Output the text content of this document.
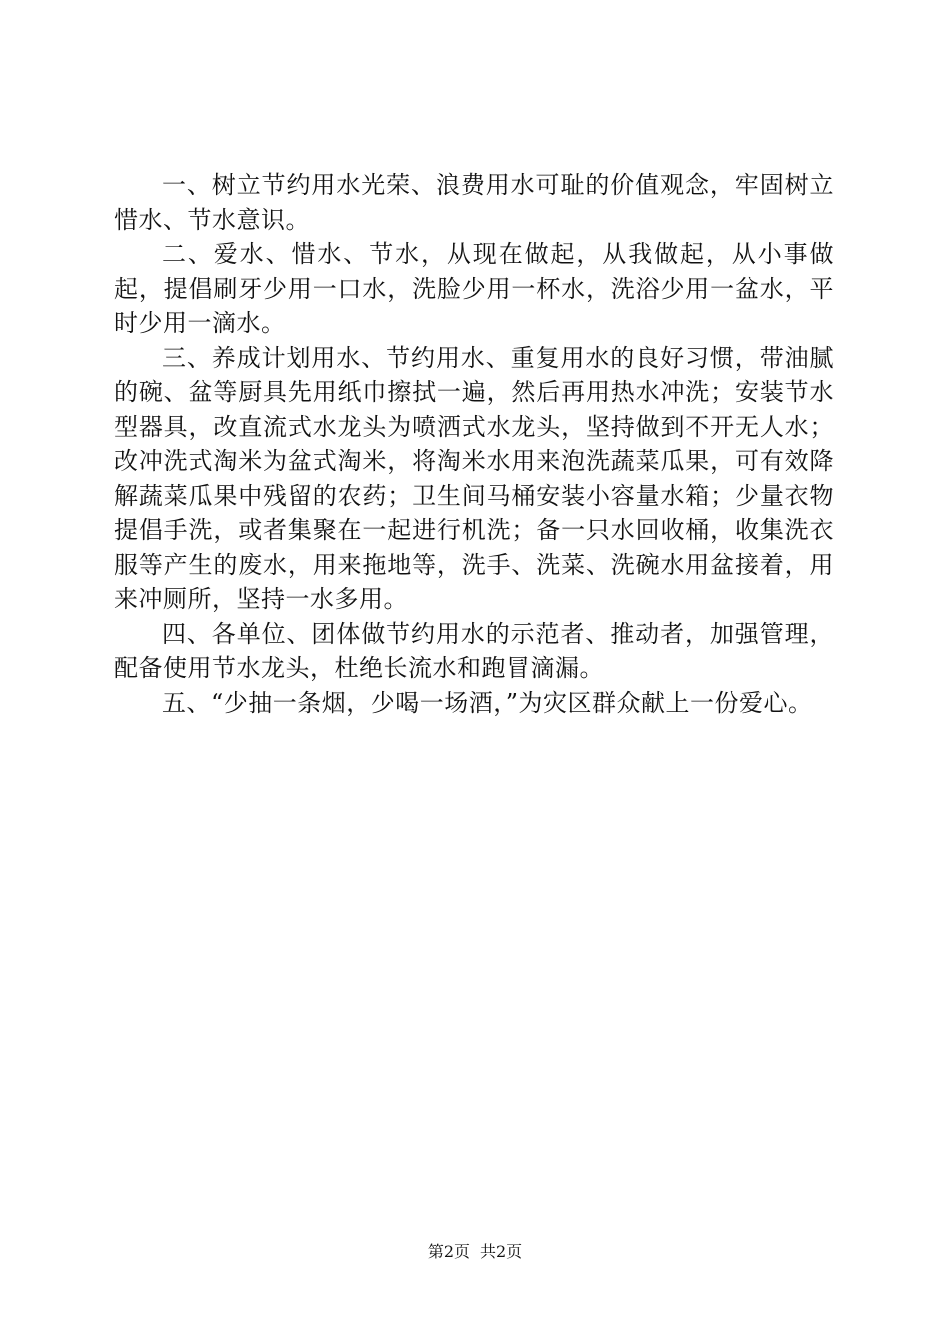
一、树立节约用水光荣、浪费用水可耻的价值观念，牢固树立惜水、节水意识。

二、爱水、惜水、节水，从现在做起，从我做起，从小事做起，提倡刷牙少用一口水，洗脸少用一杯水，洗浴少用一盆水，平时少用一滴水。

三、养成计划用水、节约用水、重复用水的良好习惯，带油腻的碗、盆等厨具先用纸巾擦拭一遍，然后再用热水冲洗；安装节水型器具，改直流式水龙头为喷洒式水龙头，坚持做到不开无人水；改冲洗式淘米为盆式淘米，将淘米水用来泡洗蔬菜瓜果，可有效降解蔬菜瓜果中残留的农药；卫生间马桶安装小容量水箱；少量衣物提倡手洗，或者集聚在一起进行机洗；备一只水回收桶，收集洗衣服等产生的废水，用来拖地等，洗手、洗菜、洗碗水用盆接着，用来冲厕所，坚持一水多用。

四、各单位、团体做节约用水的示范者、推动者，加强管理，配备使用节水龙头，杜绝长流水和跑冒滴漏。

五、“少抽一条烟，少喝一场酒，”为灾区群众献上一份爱心。

第2页 共2页
